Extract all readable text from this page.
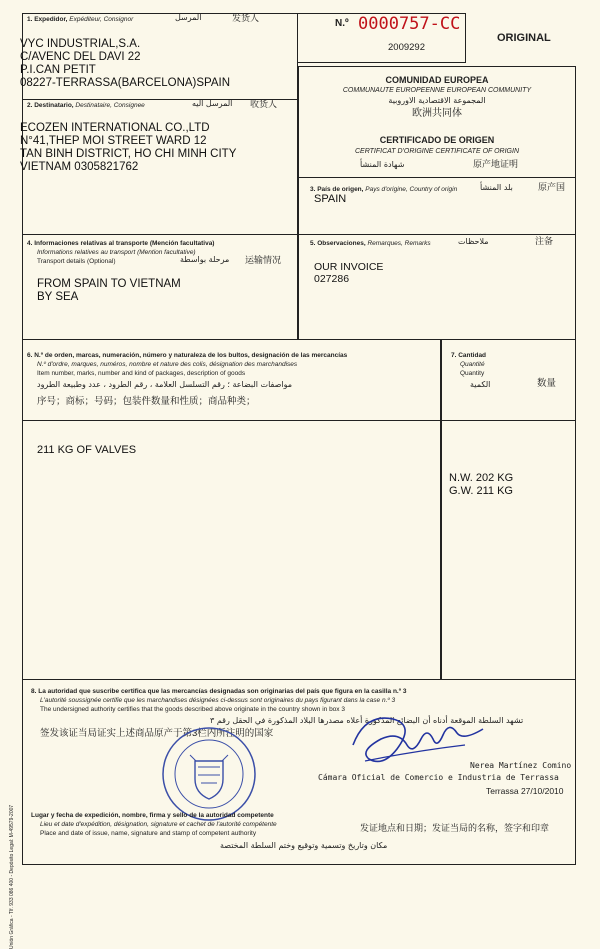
1. Expedidor, Expéditeur, Consignor	المرسل	发货人
VYC INDUSTRIAL,S.A.
C/AVENC DEL DAVI 22
P.I.CAN PETIT
08227-TERRASSA(BARCELONA)SPAIN
N.º 0000757-CC
2009292
ORIGINAL
COMUNIDAD EUROPEA
COMMUNAUTE EUROPEENNE EUROPEAN COMMUNITY
المجموعة الاقتصادية الاوروبية
欧洲共同体
CERTIFICADO DE ORIGEN
CERTIFICAT D'ORIGINE CERTIFICATE OF ORIGIN
شهادة المنشأ	原产地证明
2. Destinatario, Destinataire, Consignee	المرسل اليه 收货人
ECOZEN INTERNATIONAL CO.,LTD
N°41,THEP MOI STREET WARD 12
TAN BINH DISTRICT, HO CHI MINH CITY
VIETNAM 0305821762
3. País de origen, Pays d'origine, Country of origin	بلد المنشأ	原产国
SPAIN
4. Informaciones relativas al transporte (Mención facultativa)
Informations relatives au transport (Mention facultative)
Transport details (Optional)	مرحلة بواسطة 运输情况
FROM SPAIN TO VIETNAM
BY SEA
5. Observaciones, Remarques, Remarks	ملاحظات	注备
OUR INVOICE
027286
6. N.º de orden, marcas, numeración, número y naturaleza de los bultos, designación de las mercancías
N.º d'ordre, marques, numéros, nombre et nature des colis, désignation des marchandises
Item number, marks, number and kind of packages, description of goods
مواصفات البضاعة ؛ رقم التسلسل العلامة ، رقم الطرود ، عدد وطبيعة الطرود
序号；商标；号码；包装件数量和性质；商品种类；
211 KG OF VALVES
7. Cantidad
Quantité
Quantity
الكمية	数量
N.W. 202 KG
G.W. 211 KG
8. La autoridad que suscribe certifica que las mercancías designadas son originarias del país que figura en la casilla n.º 3
L'autorité soussignée certifie que les marchandises désignées ci-dessus sont originaires du pays figurant dans la case n.º 3
The undersigned authority certifies that the goods described above originate in the country shown in box 3
تشهد السلطة الموقعة أدناه أن البضائع المذكورة أعلاه مصدرها البلاد المذكورة في الحقل رقم ٣
签发该证当局证实上述商品原产于第3栏内所注明的国家
Nerea Martínez Comino
Cámara Oficial de Comercio e Industria de Terrassa
Terrassa 27/10/2010
Lugar y fecha de expedición, nombre, firma y sello de la autoridad competente
Lieu et date d'expédition, désignation, signature et cachet de l'autorité compétente
Place and date of issue, name, signature and stamp of competent authority
发证地点和日期；发证当局的名称，签字和印章
مكان وتاريخ وتسمية وتوقيع وختم السلطة المختصة
Unión Gráfica - Tlf. 933 086 400 - Depósito Legal: M-49579-2007
